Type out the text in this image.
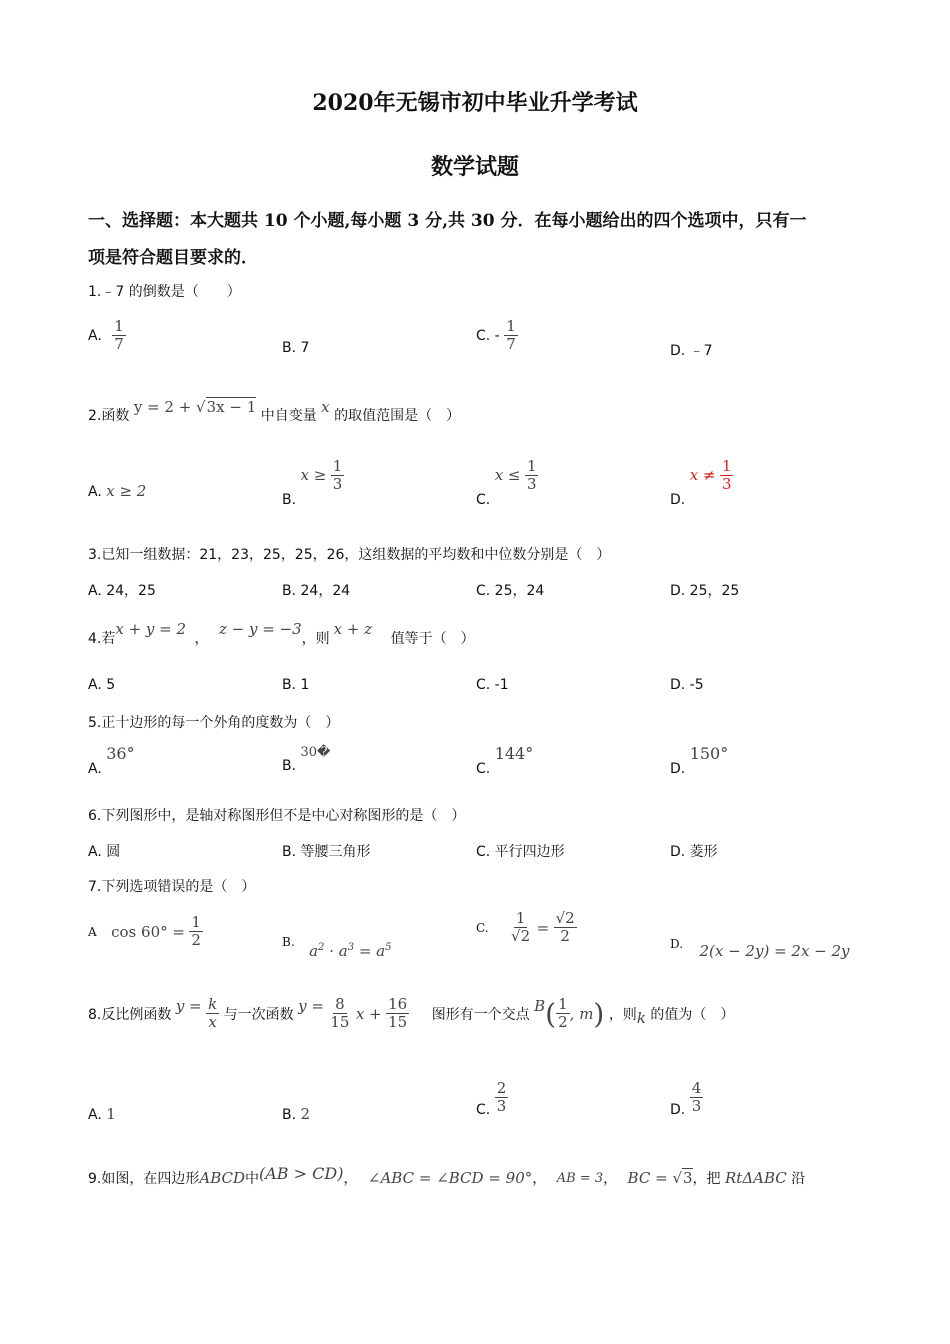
2020年无锡市初中毕业升学考试
数学试题
一、选择题：本大题共 10 个小题,每小题 3 分,共 30 分．在每小题给出的四个选项中，只有一
项是符合题目要求的．
1.﹣7 的倒数是（　　）
A. $\frac{1}{7}$	B. 7
C. - $\frac{1}{7}$	D. ﹣7
2.函数 y = 2 + √3x − 1 中自变量 x 的取值范围是（　）
A. x ≥ 2	B. $x \ge \frac{1}{3}$
C. $x \le \frac{1}{3}$
D. $x \ne \frac{1}{3}$
3.已知一组数据：21，23，25，25，26，这组数据的平均数和中位数分别是（　）
A. 24，25	B. 24，24	C. 25，24	D. 25，25
4.若x + y = 2 ， z − y = −3，则x + z 值等于（　）
A. 5	B. 1	C. -1	D. -5
5.正十边形的每一个外角的度数为（　）
A. 36°
B. 30�
C. 144°
D. 150°
6.下列图形中，是轴对称图形但不是中心对称图形的是（　）
A. 圆	B. 等腰三角形	C. 平行四边形	D. 菱形
7.下列选项错误的是（　）
A $\cos 60^\circ = \frac{1}{2}$	B. $a^2 \cdot a^3 = a^5$
C. $\frac{1}{√2} = \frac{√2}{2}$	D. 2(x − 2y) = 2x − 2y
8.反比例函数 $y = \frac{k}{x}$ 与一次函数 $y = \frac{8}{15}$ $x + \frac{16}{15}$ 图形有一个交点 $B( \frac{1}{2}$ , m) ，则k 的值为（　）
A. 1	B. 2	C. $\frac{2}{3}$	D. $\frac{4}{3}$
9.如图，在四边形ABCD中(AB > CD)， ∠ABC = ∠BCD = 90°， AB = 3， BC = √3，把 RtΔABC 沿
